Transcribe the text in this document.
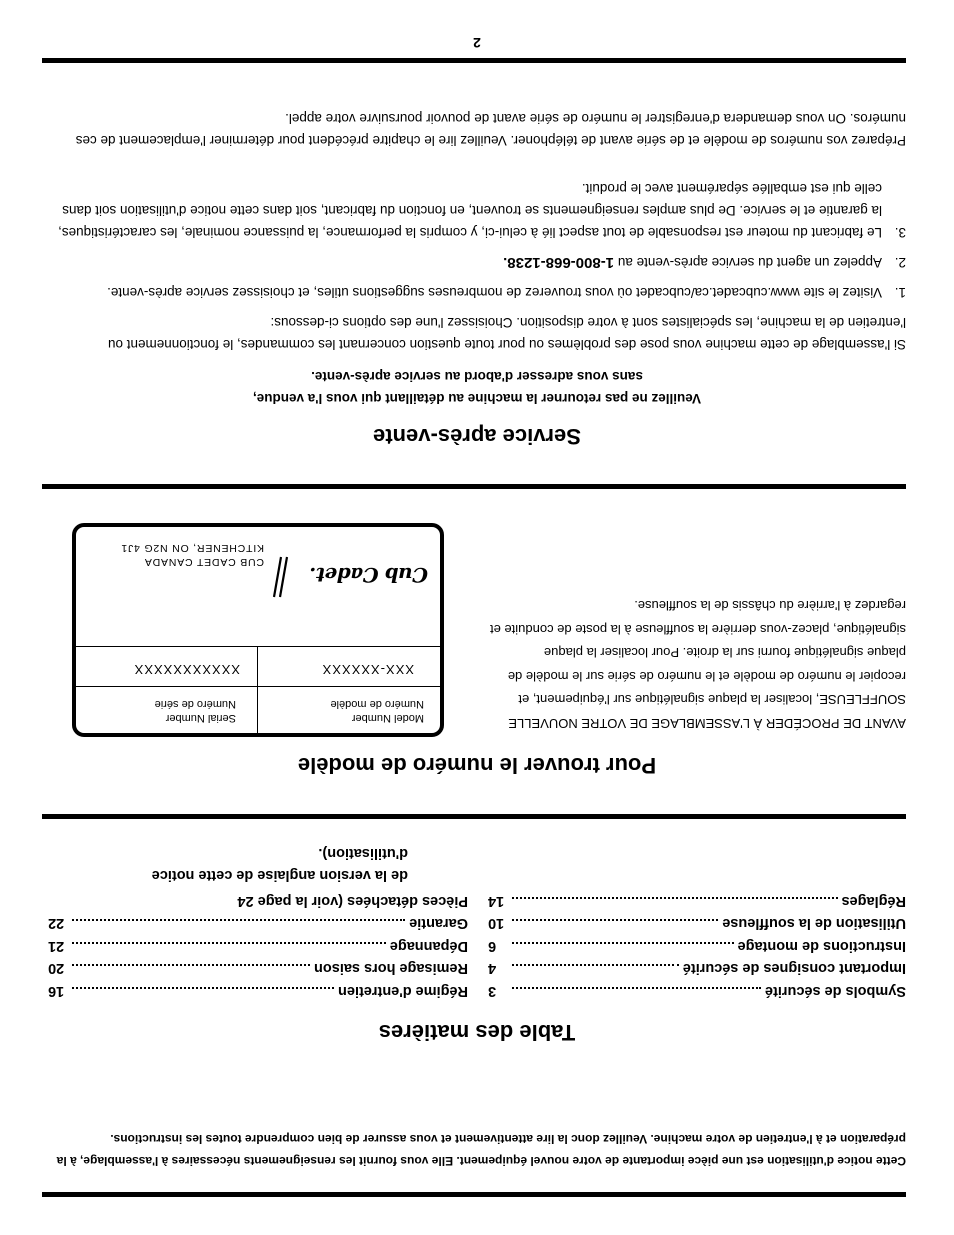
Cette notice d'utilisation est une pièce importante de votre nouvel équipement. Elle vous fournit les renseignements nécessaires à l'assemblage, à la préparation et à l'entretien de votre machine. Veuillez donc la lire attentivement et vous assurer de bien comprendre toutes les instructions.
Table des matières
Symbols de sécurité
3
Important consignes de sécurité
4
Instructions de montage
6
Utilisation de la souffleuse
10
Réglages
14
Régime d'entretien
16
Remisage hors saison
20
Dépannage
21
Garantie
22
Pièces détachées (voir la page 24
de la version anglaise de cette notice d'utilisation).
Pour trouver le numéro de modèle
AVANT DE PROCÉDER À L'ASSEMBLAGE DE VOTRE NOUVELLE SOUFFLEUSE, localiser la plaque signalétique sur l'équipement, et recopier le numéro de modèle et le numéro de série sur le modèle de plaque signalétique fourni sur la droite. Pour localiser la plaque signalétique, placez-vous derrière la souffleuse à la poste de conduite et regardez à l'arrière du châssis de la souffleuse.
Model Number
Numéro de modèle
Serial Number
Numéro de série
XXX-XXXXXX
XXXXXXXXXXX
Cub Cadet.
CUB CADET CANADA
KITCHENER, ON N2G 4J1
Service après-vente
Veuillez ne pas retourner la machine au détaillant qui vous l'a vendue,
sans vous adresser d'abord au service après-vente.
Si l'assemblage de cette machine vous pose des problèmes ou pour toute question concernant les commandes, le fonctionnement ou l'entretien de la machine, les spécialistes sont à votre disposition. Choisissez l'une des options ci-dessous:
1.
Visitez le site www.cubcadet.ca/cubcadet où vous trouverez de nombreuses suggestions utiles, et choisissez service après-vente.
2.
Appelez un agent du service après-vente au 1-800-668-1238.
3.
Le fabricant du moteur est responsable de tout aspect lié à celui-ci, y compris la performance, la puissance nominale, les caractéristiques, la garantie et le service. De plus amples renseignements se trouvent, en fonction du fabricant, soit dans cette notice d'utilisation soit dans celle qui est emballée séparément avec le produit.
Préparez vos numéros de modèle et de série avant de téléphoner. Veuillez lire le chapitre précédent pour déterminer l'emplacement de ces numéros. On vous demandera d'enregistrer le numéro de série avant de pouvoir poursuivre votre appel.
2
